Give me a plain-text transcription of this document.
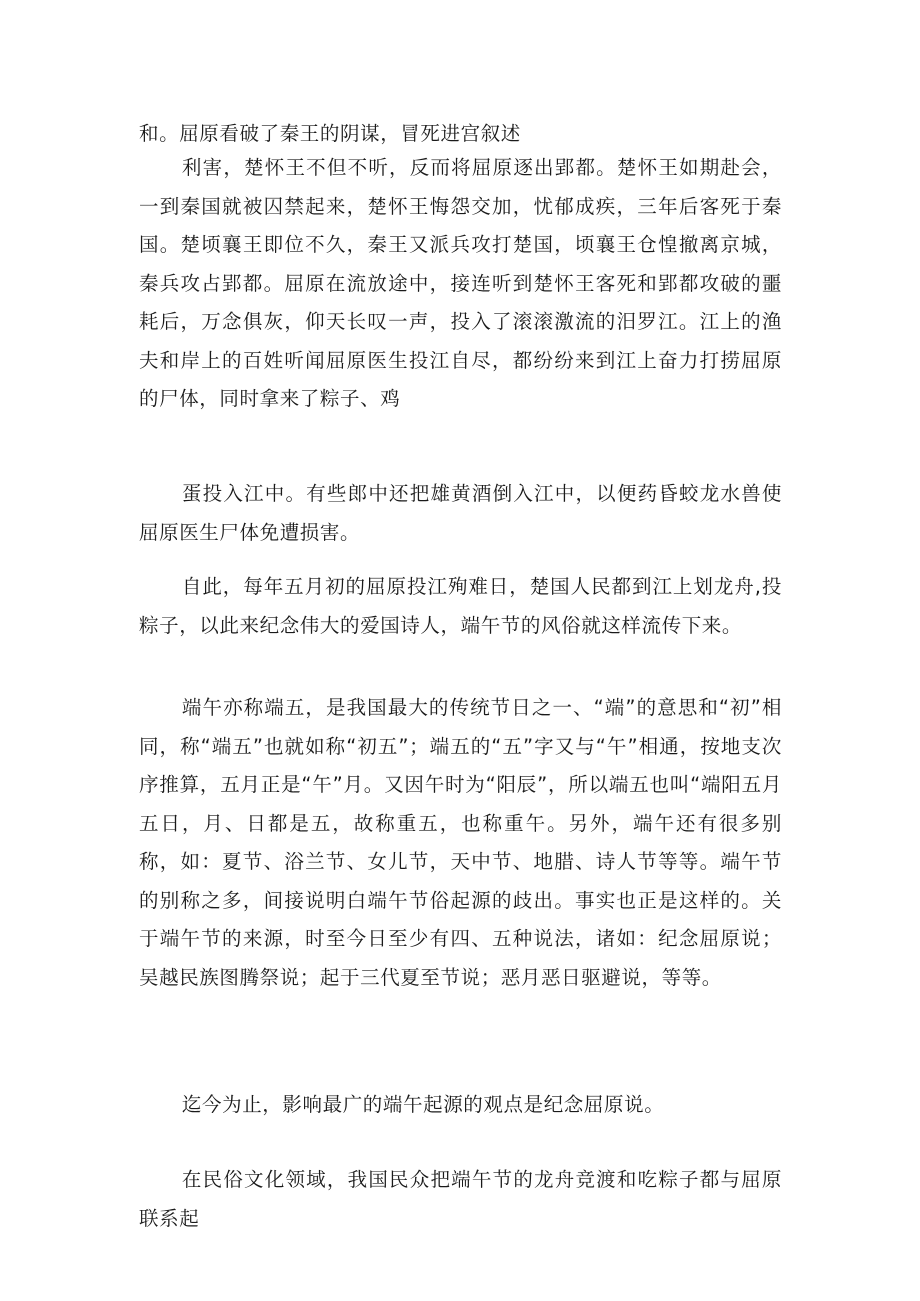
和。屈原看破了秦王的阴谋，冒死进宫叙述

利害，楚怀王不但不听，反而将屈原逐出郢都。楚怀王如期赴会，一到秦国就被囚禁起来，楚怀王悔怨交加，忧郁成疾，三年后客死于秦国。楚顷襄王即位不久，秦王又派兵攻打楚国，顷襄王仓惶撤离京城，秦兵攻占郢都。屈原在流放途中，接连听到楚怀王客死和郢都攻破的噩耗后，万念俱灰，仰天长叹一声，投入了滚滚激流的汨罗江。江上的渔夫和岸上的百姓听闻屈原医生投江自尽，都纷纷来到江上奋力打捞屈原的尸体，同时拿来了粽子、鸡

蛋投入江中。有些郎中还把雄黄酒倒入江中，以便药昏蛟龙水兽使屈原医生尸体免遭损害。

自此，每年五月初的屈原投江殉难日，楚国人民都到江上划龙舟,投粽子，以此来纪念伟大的爱国诗人，端午节的风俗就这样流传下来。

端午亦称端五，是我国最大的传统节日之一、“端”的意思和“初”相同，称“端五”也就如称“初五”；端五的“五”字又与“午”相通，按地支次序推算，五月正是“午”月。又因午时为“阳辰”，所以端五也叫“端阳五月五日，月、日都是五，故称重五，也称重午。另外，端午还有很多别称，如：夏节、浴兰节、女儿节，天中节、地腊、诗人节等等。端午节的别称之多，间接说明白端午节俗起源的歧出。事实也正是这样的。关于端午节的来源，时至今日至少有四、五种说法，诸如：纪念屈原说；吴越民族图腾祭说；起于三代夏至节说；恶月恶日驱避说，等等。

迄今为止，影响最广的端午起源的观点是纪念屈原说。

在民俗文化领域，我国民众把端午节的龙舟竞渡和吃粽子都与屈原联系起
